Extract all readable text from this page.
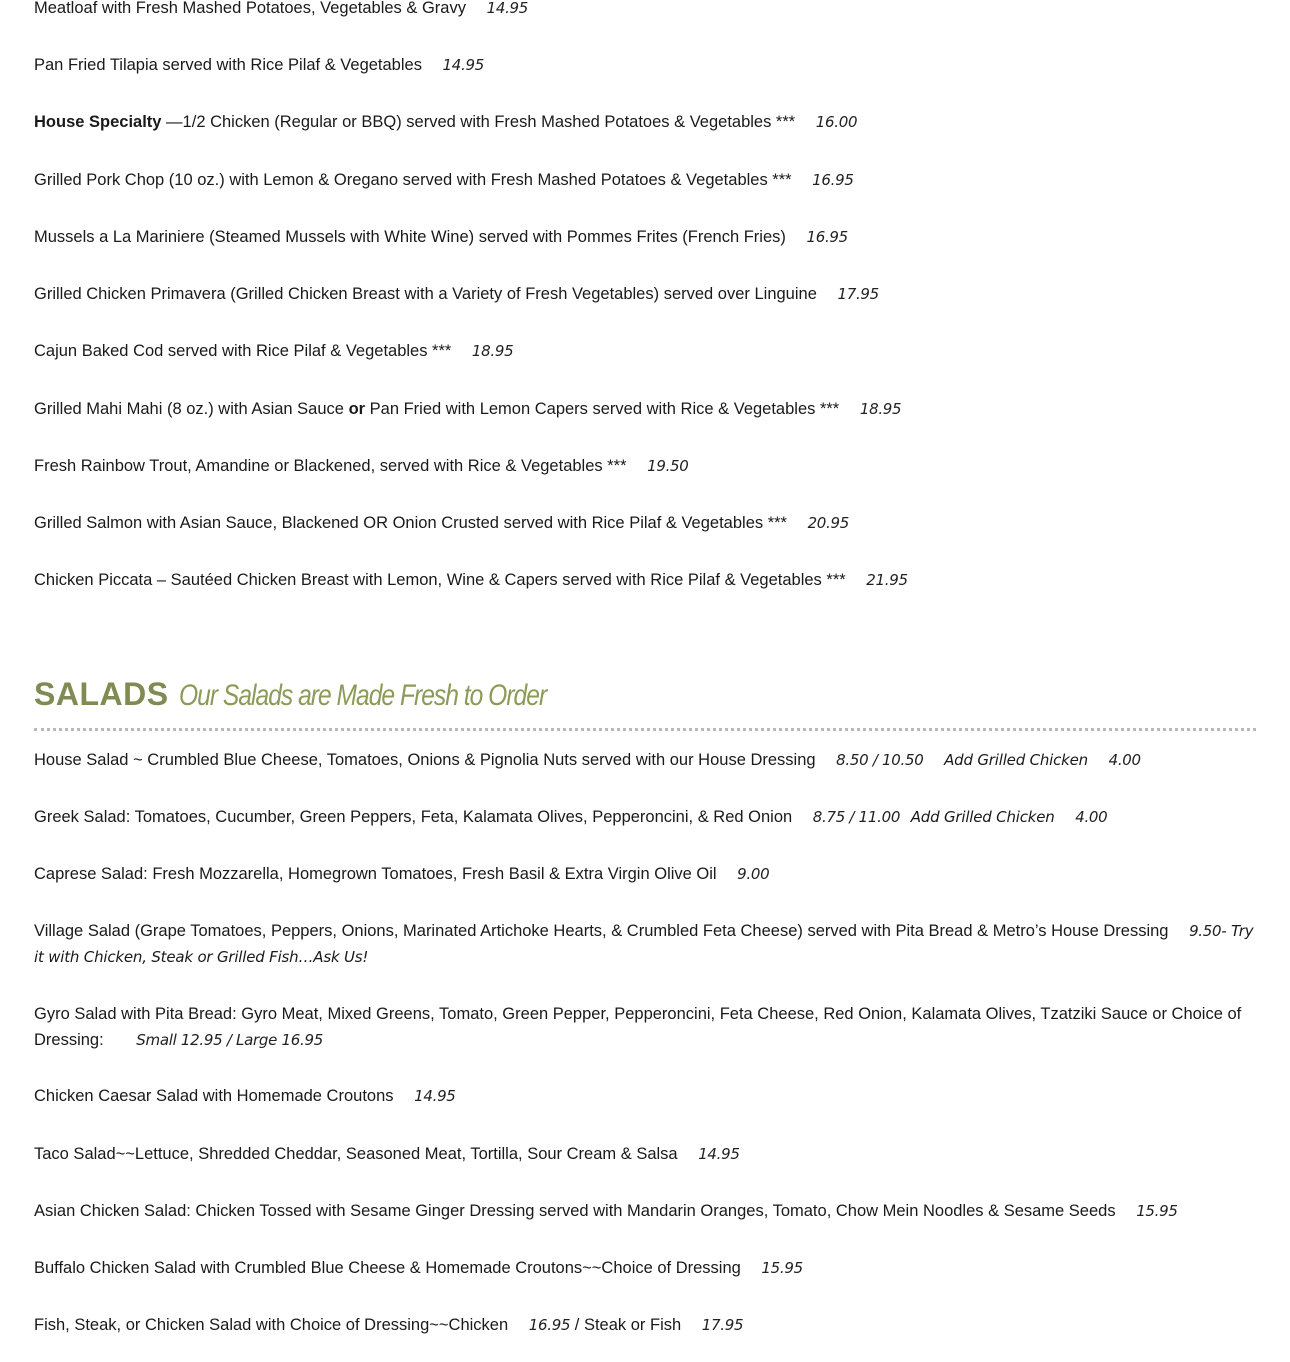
Meatloaf with Fresh Mashed Potatoes, Vegetables & Gravy 14.95
Pan Fried Tilapia served with Rice Pilaf & Vegetables 14.95
House Specialty —1/2 Chicken (Regular or BBQ) served with Fresh Mashed Potatoes & Vegetables *** 16.00
Grilled Pork Chop (10 oz.) with Lemon & Oregano served with Fresh Mashed Potatoes & Vegetables *** 16.95
Mussels a La Mariniere (Steamed Mussels with White Wine) served with Pommes Frites (French Fries) 16.95
Grilled Chicken Primavera (Grilled Chicken Breast with a Variety of Fresh Vegetables) served over Linguine 17.95
Cajun Baked Cod served with Rice Pilaf & Vegetables *** 18.95
Grilled Mahi Mahi (8 oz.) with Asian Sauce or Pan Fried with Lemon Capers served with Rice & Vegetables *** 18.95
Fresh Rainbow Trout, Amandine or Blackened, served with Rice & Vegetables *** 19.50
Grilled Salmon with Asian Sauce, Blackened OR Onion Crusted served with Rice Pilaf & Vegetables *** 20.95
Chicken Piccata – Sautéed Chicken Breast with Lemon, Wine & Capers served with Rice Pilaf & Vegetables *** 21.95
SALADS Our Salads are Made Fresh to Order
House Salad ~ Crumbled Blue Cheese, Tomatoes, Onions & Pignolia Nuts served with our House Dressing 8.50 / 10.50 Add Grilled Chicken 4.00
Greek Salad: Tomatoes, Cucumber, Green Peppers, Feta, Kalamata Olives, Pepperoncini, & Red Onion 8.75 / 11.00 Add Grilled Chicken 4.00
Caprese Salad: Fresh Mozzarella, Homegrown Tomatoes, Fresh Basil & Extra Virgin Olive Oil 9.00
Village Salad (Grape Tomatoes, Peppers, Onions, Marinated Artichoke Hearts, & Crumbled Feta Cheese) served with Pita Bread & Metro’s House Dressing 9.50- Try it with Chicken, Steak or Grilled Fish…Ask Us!
Gyro Salad with Pita Bread: Gyro Meat, Mixed Greens, Tomato, Green Pepper, Pepperoncini, Feta Cheese, Red Onion, Kalamata Olives, Tzatziki Sauce or Choice of Dressing: Small 12.95 / Large 16.95
Chicken Caesar Salad with Homemade Croutons 14.95
Taco Salad~~Lettuce, Shredded Cheddar, Seasoned Meat, Tortilla, Sour Cream & Salsa 14.95
Asian Chicken Salad: Chicken Tossed with Sesame Ginger Dressing served with Mandarin Oranges, Tomato, Chow Mein Noodles & Sesame Seeds 15.95
Buffalo Chicken Salad with Crumbled Blue Cheese & Homemade Croutons~~Choice of Dressing 15.95
Fish, Steak, or Chicken Salad with Choice of Dressing~~Chicken 16.95 / Steak or Fish 17.95
